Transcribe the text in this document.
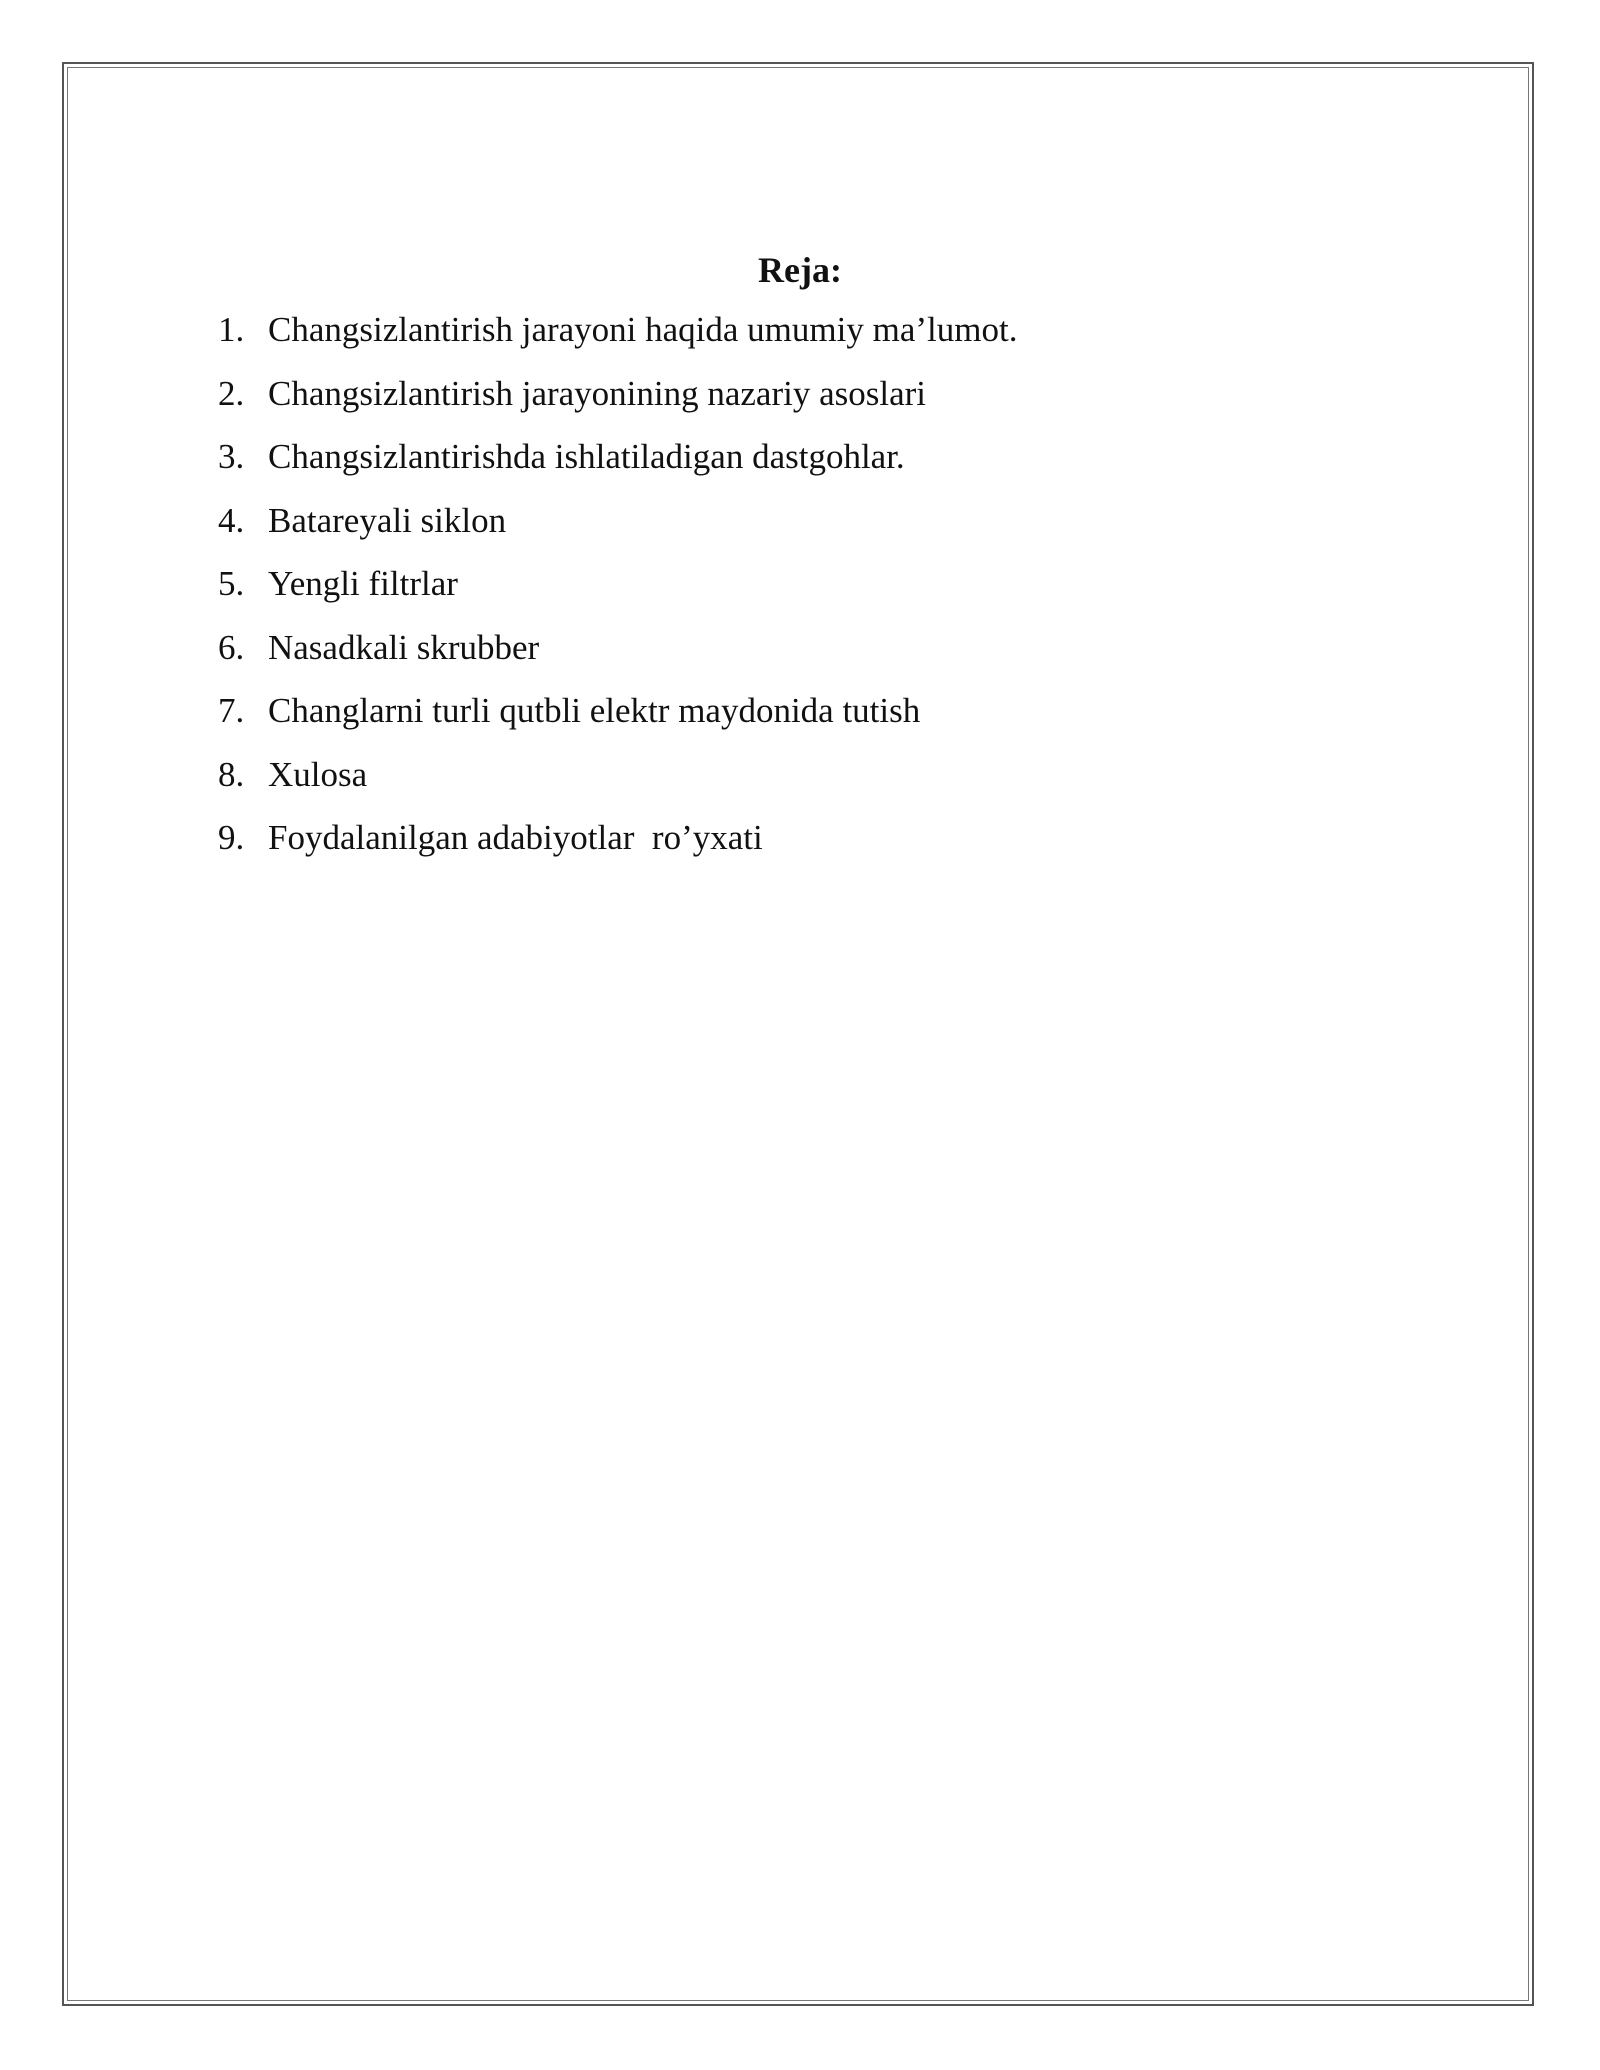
Reja:
1. Changsizlantirish jarayoni haqida umumiy ma’lumot.
2. Changsizlantirish jarayonining nazariy asoslari
3. Changsizlantirishda ishlatiladigan dastgohlar.
4. Batareyali siklon
5. Yengli filtrlar
6. Nasadkali skrubber
7. Changlarni turli qutbli elektr maydonida tutish
8. Xulosa
9. Foydalanilgan adabiyotlar  ro’yxati
